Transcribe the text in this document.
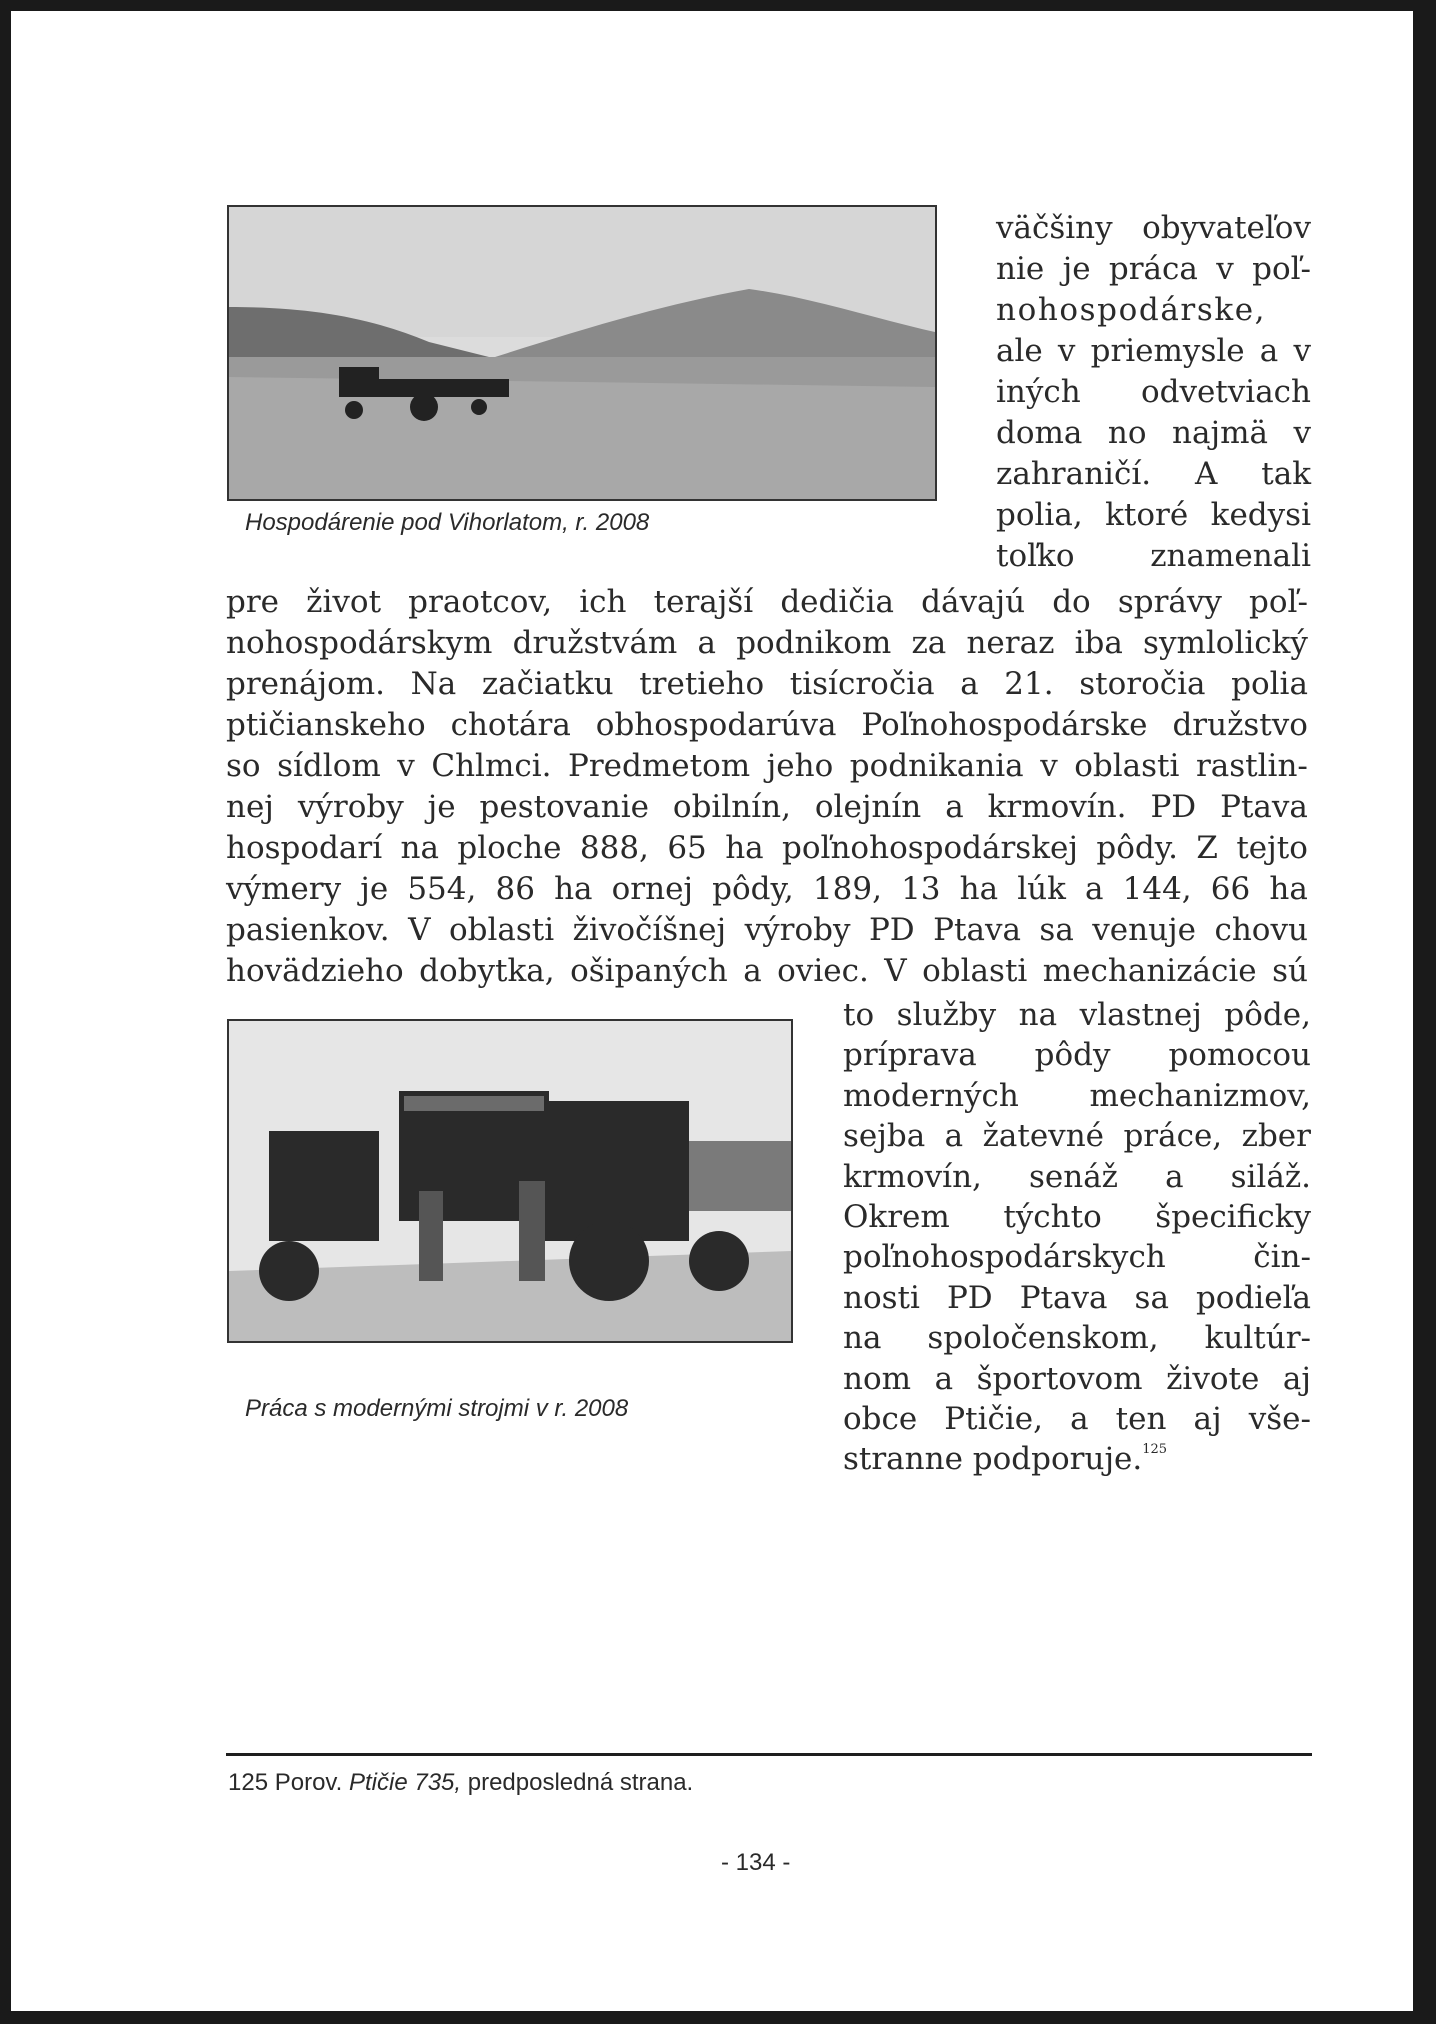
Hospodárenie pod Vihorlatom, r. 2008
väčšiny obyvateľov
nie je práca v poľ-
nohospodárske,
ale v priemysle a v
iných odvetviach
doma no najmä v
zahraničí. A tak
polia, ktoré kedysi
toľko znamenali
pre život praotcov, ich terajší dedičia dávajú do správy poľ-
nohospodárskym družstvám a podnikom za neraz iba symlolický
prenájom. Na začiatku tretieho tisícročia a 21. storočia polia
ptičianskeho chotára obhospodarúva Poľnohospodárske družstvo
so sídlom v Chlmci. Predmetom jeho podnikania v oblasti rastlin-
nej výroby je pestovanie obilnín, olejnín a krmovín. PD Ptava
hospodarí na ploche 888, 65 ha poľnohospodárskej pôdy. Z tejto
výmery je 554, 86 ha ornej pôdy, 189, 13 ha lúk a 144, 66 ha
pasienkov. V oblasti živočíšnej výroby PD Ptava sa venuje chovu
hovädzieho dobytka, ošipaných a oviec. V oblasti mechanizácie sú
Práca s modernými strojmi v r. 2008
to služby na vlastnej pôde,
príprava pôdy pomocou
moderných mechanizmov,
sejba a žatevné práce, zber
krmovín, senáž a siláž.
Okrem týchto špecificky
poľnohospodárskych	čin-
nosti PD Ptava sa podieľa
na spoločenskom, kultúr-
nom a športovom živote aj
obce Ptičie, a ten aj vše-
stranne podporuje.$^{125}$
125 Porov. Ptičie 735, predposledná strana.
- 134 -
